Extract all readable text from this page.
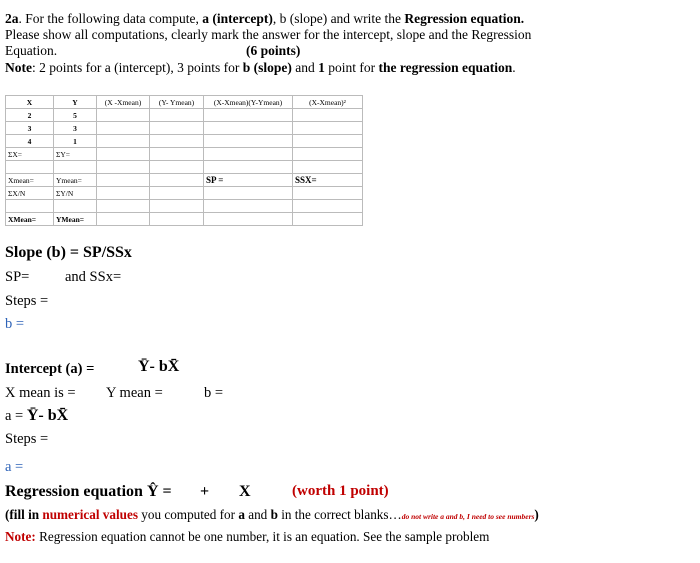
2a. For the following data compute, a (intercept), b (slope) and write the Regression equation.
Please show all computations, clearly mark the answer for the intercept, slope and the Regression
Equation.	(6 points)
Note: 2 points for a (intercept), 3 points for b (slope) and 1 point for the regression equation.
X	Y	(X -Xmean)	(Y- Ymean)	(X-Xmean)(Y-Ymean)	(X-Xmean)²
2	5				
3	3				
4	1				
ΣX=	ΣY=				

Xmean=	Ymean=			SP =	SSX=
ΣX/N	ΣY/N				

XMean=	YMean=				
Slope (b) = SP/SSx
SP= and SSx=
Steps =
b =
Intercept (a) =	Ȳ- bX̄
X mean is = Y mean =	b =
a = Ȳ- bX̄
Steps =
a =
Regression equation Ŷ = + X	(worth 1 point)
(fill in numerical values you computed for a and b in the correct blanks…do not write a and b, I need to see numbers)
Note: Regression equation cannot be one number, it is an equation. See the sample problem
